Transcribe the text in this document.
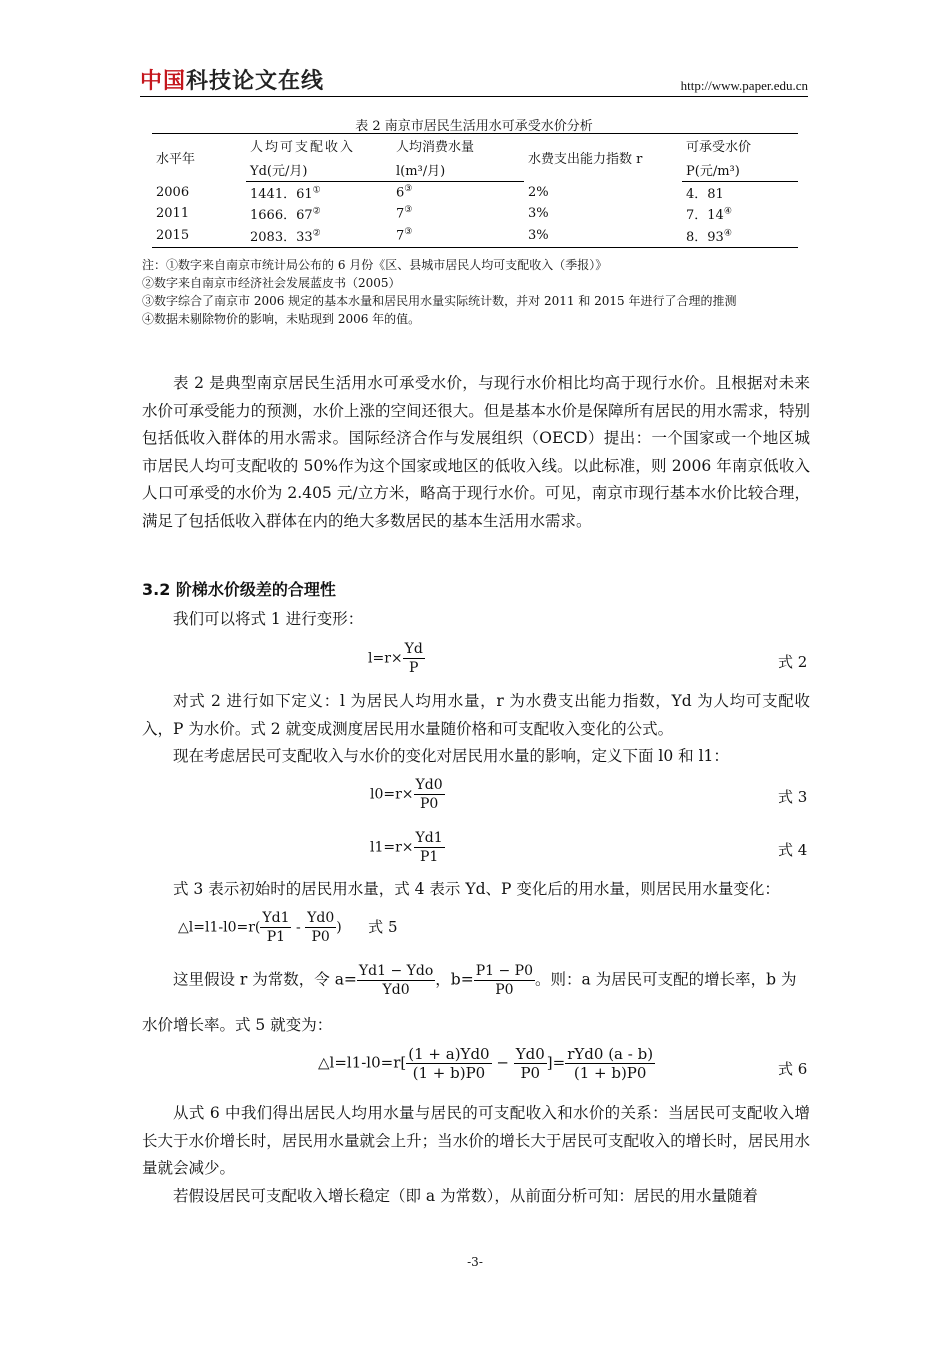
中国科技论文在线	http://www.paper.edu.cn
表 2 南京市居民生活用水可承受水价分析
水平年	人均可支配收入	人均消费水量	水费支出能力指数 r	可承受水价
	Yd(元/月)	l(m³/月)		P(元/m³)
2006	1441．61①	6③	2%	4．81
2011	1666．67②	7③	3%	7．14④
2015	2083．33②	7③	3%	8．93④
注：①数字来自南京市统计局公布的 6 月份《区、县城市居民人均可支配收入（季报）》
②数字来自南京市经济社会发展蓝皮书（2005）
③数字综合了南京市 2006 规定的基本水量和居民用水量实际统计数，并对 2011 和 2015 年进行了合理的推测
④数据未剔除物价的影响，未贴现到 2006 年的值。
表 2 是典型南京居民生活用水可承受水价，与现行水价相比均高于现行水价。且根据对未来水价可承受能力的预测，水价上涨的空间还很大。但是基本水价是保障所有居民的用水需求，特别包括低收入群体的用水需求。国际经济合作与发展组织（OECD）提出：一个国家或一个地区城市居民人均可支配收的 50%作为这个国家或地区的低收入线。以此标准，则 2006 年南京低收入人口可承受的水价为 2.405 元/立方米，略高于现行水价。可见，南京市现行基本水价比较合理，满足了包括低收入群体在内的绝大多数居民的基本生活用水需求。
3.2 阶梯水价级差的合理性
我们可以将式 1 进行变形：
$l=r\times \frac{Yd}{P}$	式 2
对式 2 进行如下定义：l 为居民人均用水量，r 为水费支出能力指数，Yd 为人均可支配收入，P 为水价。式 2 就变成测度居民用水量随价格和可支配收入变化的公式。
现在考虑居民可支配收入与水价的变化对居民用水量的影响，定义下面 l0 和 l1：
$l0=r\times \frac{Yd0}{P0}$	式 3
$l1=r\times \frac{Yd1}{P1}$	式 4
式 3 表示初始时的居民用水量，式 4 表示 Yd、P 变化后的用水量，则居民用水量变化：
△l=l1-l0=r( $\frac{Yd1}{P1} - \frac{Yd0}{P0}$ ) 式 5
这里假设 r 为常数，令 $a= \frac{\text{Yd1 − Ydo}}{Yd0}$ ，$b= \frac{P1 - P0}{P0}$ 。则：a 为居民可支配的增长率，b 为
水价增长率。式 5 就变为：
△l=l1-l0=r[ $\frac{(1 + a)Yd0}{(1 + b)P0} - \frac{Yd0}{P0}$ ]= $\frac{\text{rYd0 (a - b)}}{(1 + b)P0}$	式 6
从式 6 中我们得出居民人均用水量与居民的可支配收入和水价的关系：当居民可支配收入增长大于水价增长时，居民用水量就会上升；当水价的增长大于居民可支配收入的增长时，居民用水量就会减少。
若假设居民可支配收入增长稳定（即 a 为常数），从前面分析可知：居民的用水量随着
-3-
